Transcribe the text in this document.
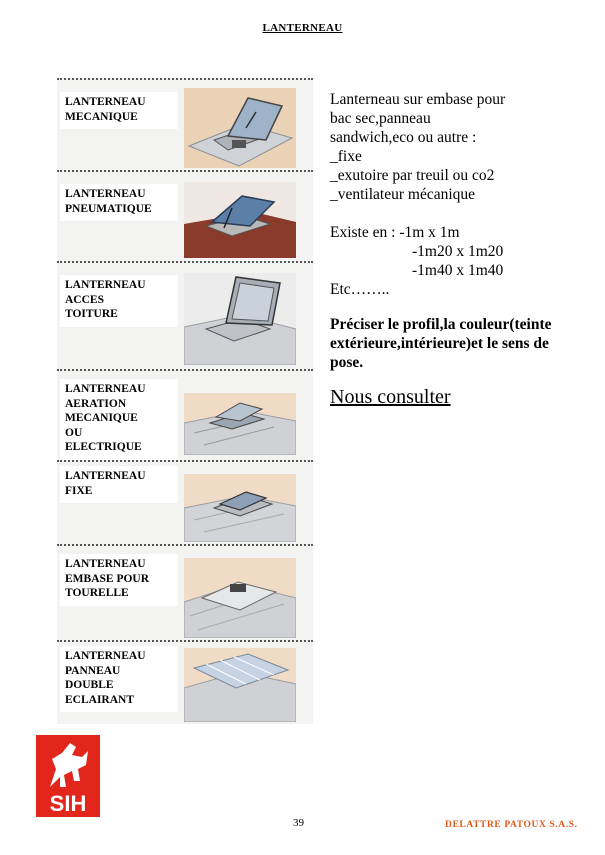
LANTERNEAU
LANTERNEAU
MECANIQUE
LANTERNEAU
PNEUMATIQUE
LANTERNEAU
ACCES
TOITURE
LANTERNEAU
AERATION
MECANIQUE
OU
ELECTRIQUE
LANTERNEAU
FIXE
LANTERNEAU
EMBASE POUR
TOURELLE
LANTERNEAU
PANNEAU
DOUBLE
ECLAIRANT

Lanterneau sur embase pour

bac sec,panneau

sandwich,eco ou autre :

_fixe

_exutoire par treuil ou co2

_ventilateur mécanique

Existe en : -1m x 1m

-1m20 x 1m20

-1m40 x 1m40

Etc……..

Préciser le profil,la couleur(teinte extérieure,intérieure)et le sens de pose.

Nous consulter

SIH
39	DELATTRE PATOUX S.A.S.
